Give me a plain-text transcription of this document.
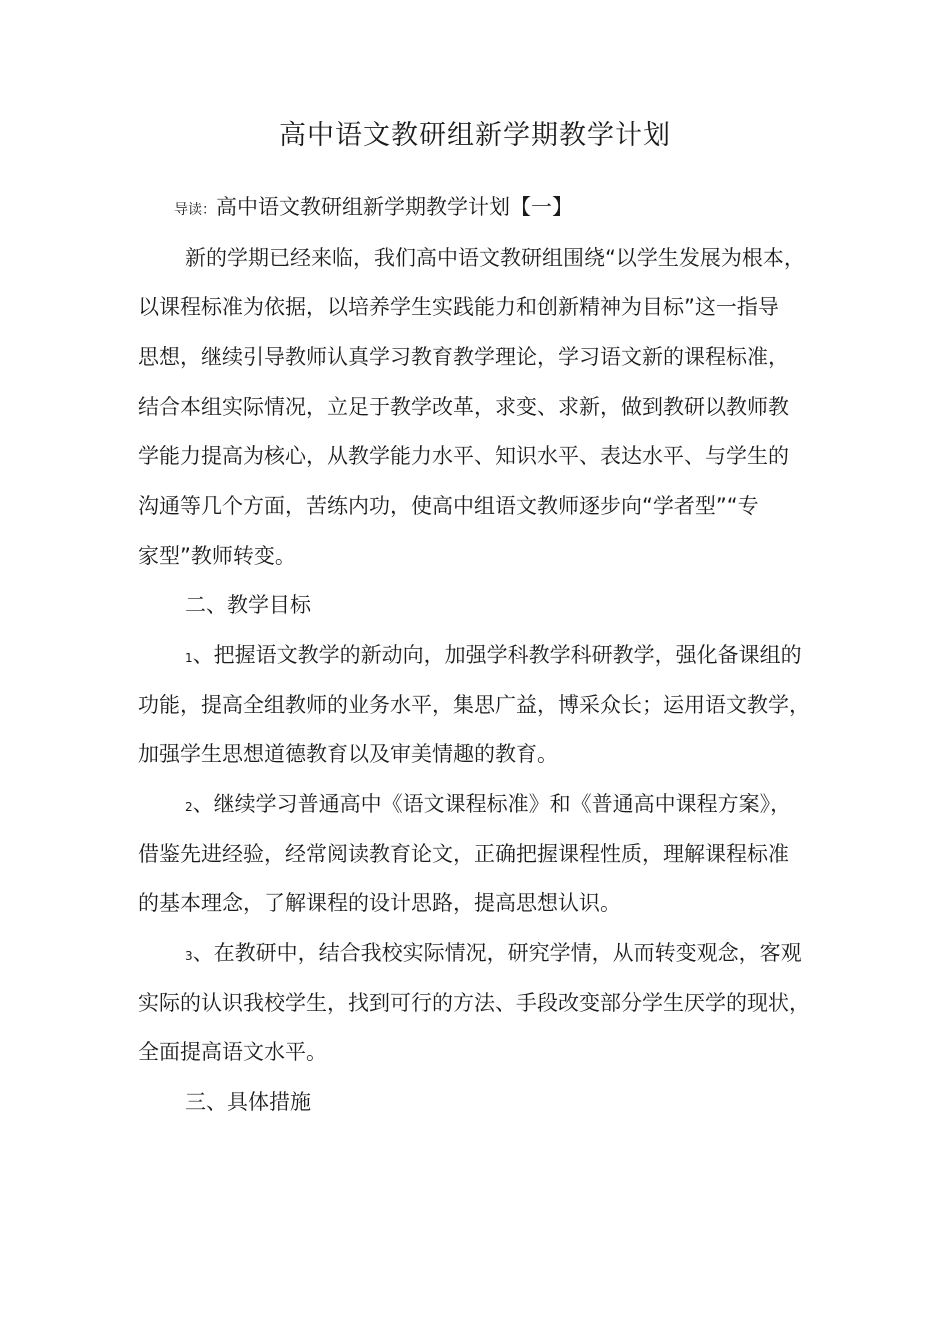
高中语文教研组新学期教学计划
导读：高中语文教研组新学期教学计划【一】
新的学期已经来临，我们高中语文教研组围绕“以学生发展为根本，
以课程标准为依据，以培养学生实践能力和创新精神为目标”这一指导
思想，继续引导教师认真学习教育教学理论，学习语文新的课程标准，
结合本组实际情况，立足于教学改革，求变、求新，做到教研以教师教
学能力提高为核心，从教学能力水平、知识水平、表达水平、与学生的
沟通等几个方面，苦练内功，使高中组语文教师逐步向“学者型”“专
家型”教师转变。
二、教学目标
1、把握语文教学的新动向，加强学科教学科研教学，强化备课组的
功能，提高全组教师的业务水平，集思广益，博采众长；运用语文教学，
加强学生思想道德教育以及审美情趣的教育。
2、继续学习普通高中《语文课程标准》和《普通高中课程方案》，
借鉴先进经验，经常阅读教育论文，正确把握课程性质，理解课程标准
的基本理念，了解课程的设计思路，提高思想认识。
3、在教研中，结合我校实际情况，研究学情，从而转变观念，客观
实际的认识我校学生，找到可行的方法、手段改变部分学生厌学的现状，
全面提高语文水平。
三、具体措施
